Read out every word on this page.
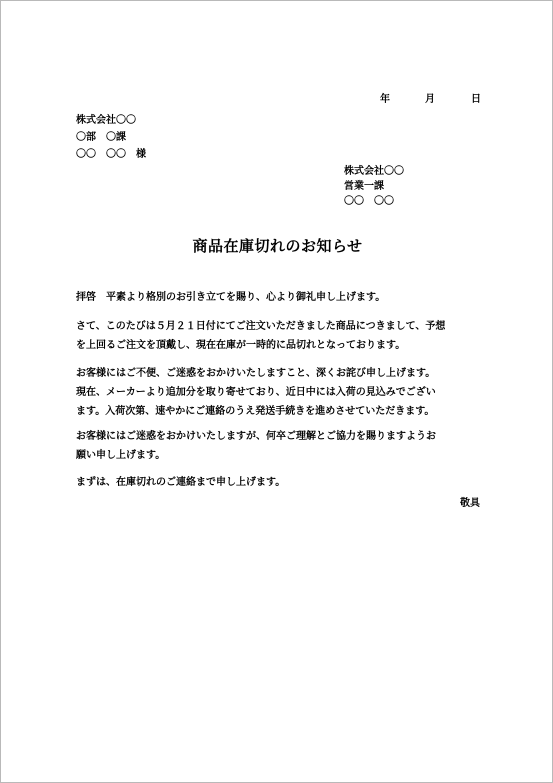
年	月	日
株式会社〇〇
〇部　〇課
〇〇　〇〇　様
株式会社〇〇
営業一課
〇〇　〇〇
商品在庫切れのお知らせ
拝啓　平素より格別のお引き立てを賜り、心より御礼申し上げます。
さて、このたびは５月２１日付にてご注文いただきました商品につきまして、予想
を上回るご注文を頂戴し、現在在庫が一時的に品切れとなっております。
お客様にはご不便、ご迷惑をおかけいたしますこと、深くお詫び申し上げます。
現在、メーカーより追加分を取り寄せており、近日中には入荷の見込みでござい
ます。入荷次第、速やかにご連絡のうえ発送手続きを進めさせていただきます。
お客様にはご迷惑をおかけいたしますが、何卒ご理解とご協力を賜りますようお
願い申し上げます。
まずは、在庫切れのご連絡まで申し上げます。
敬具
